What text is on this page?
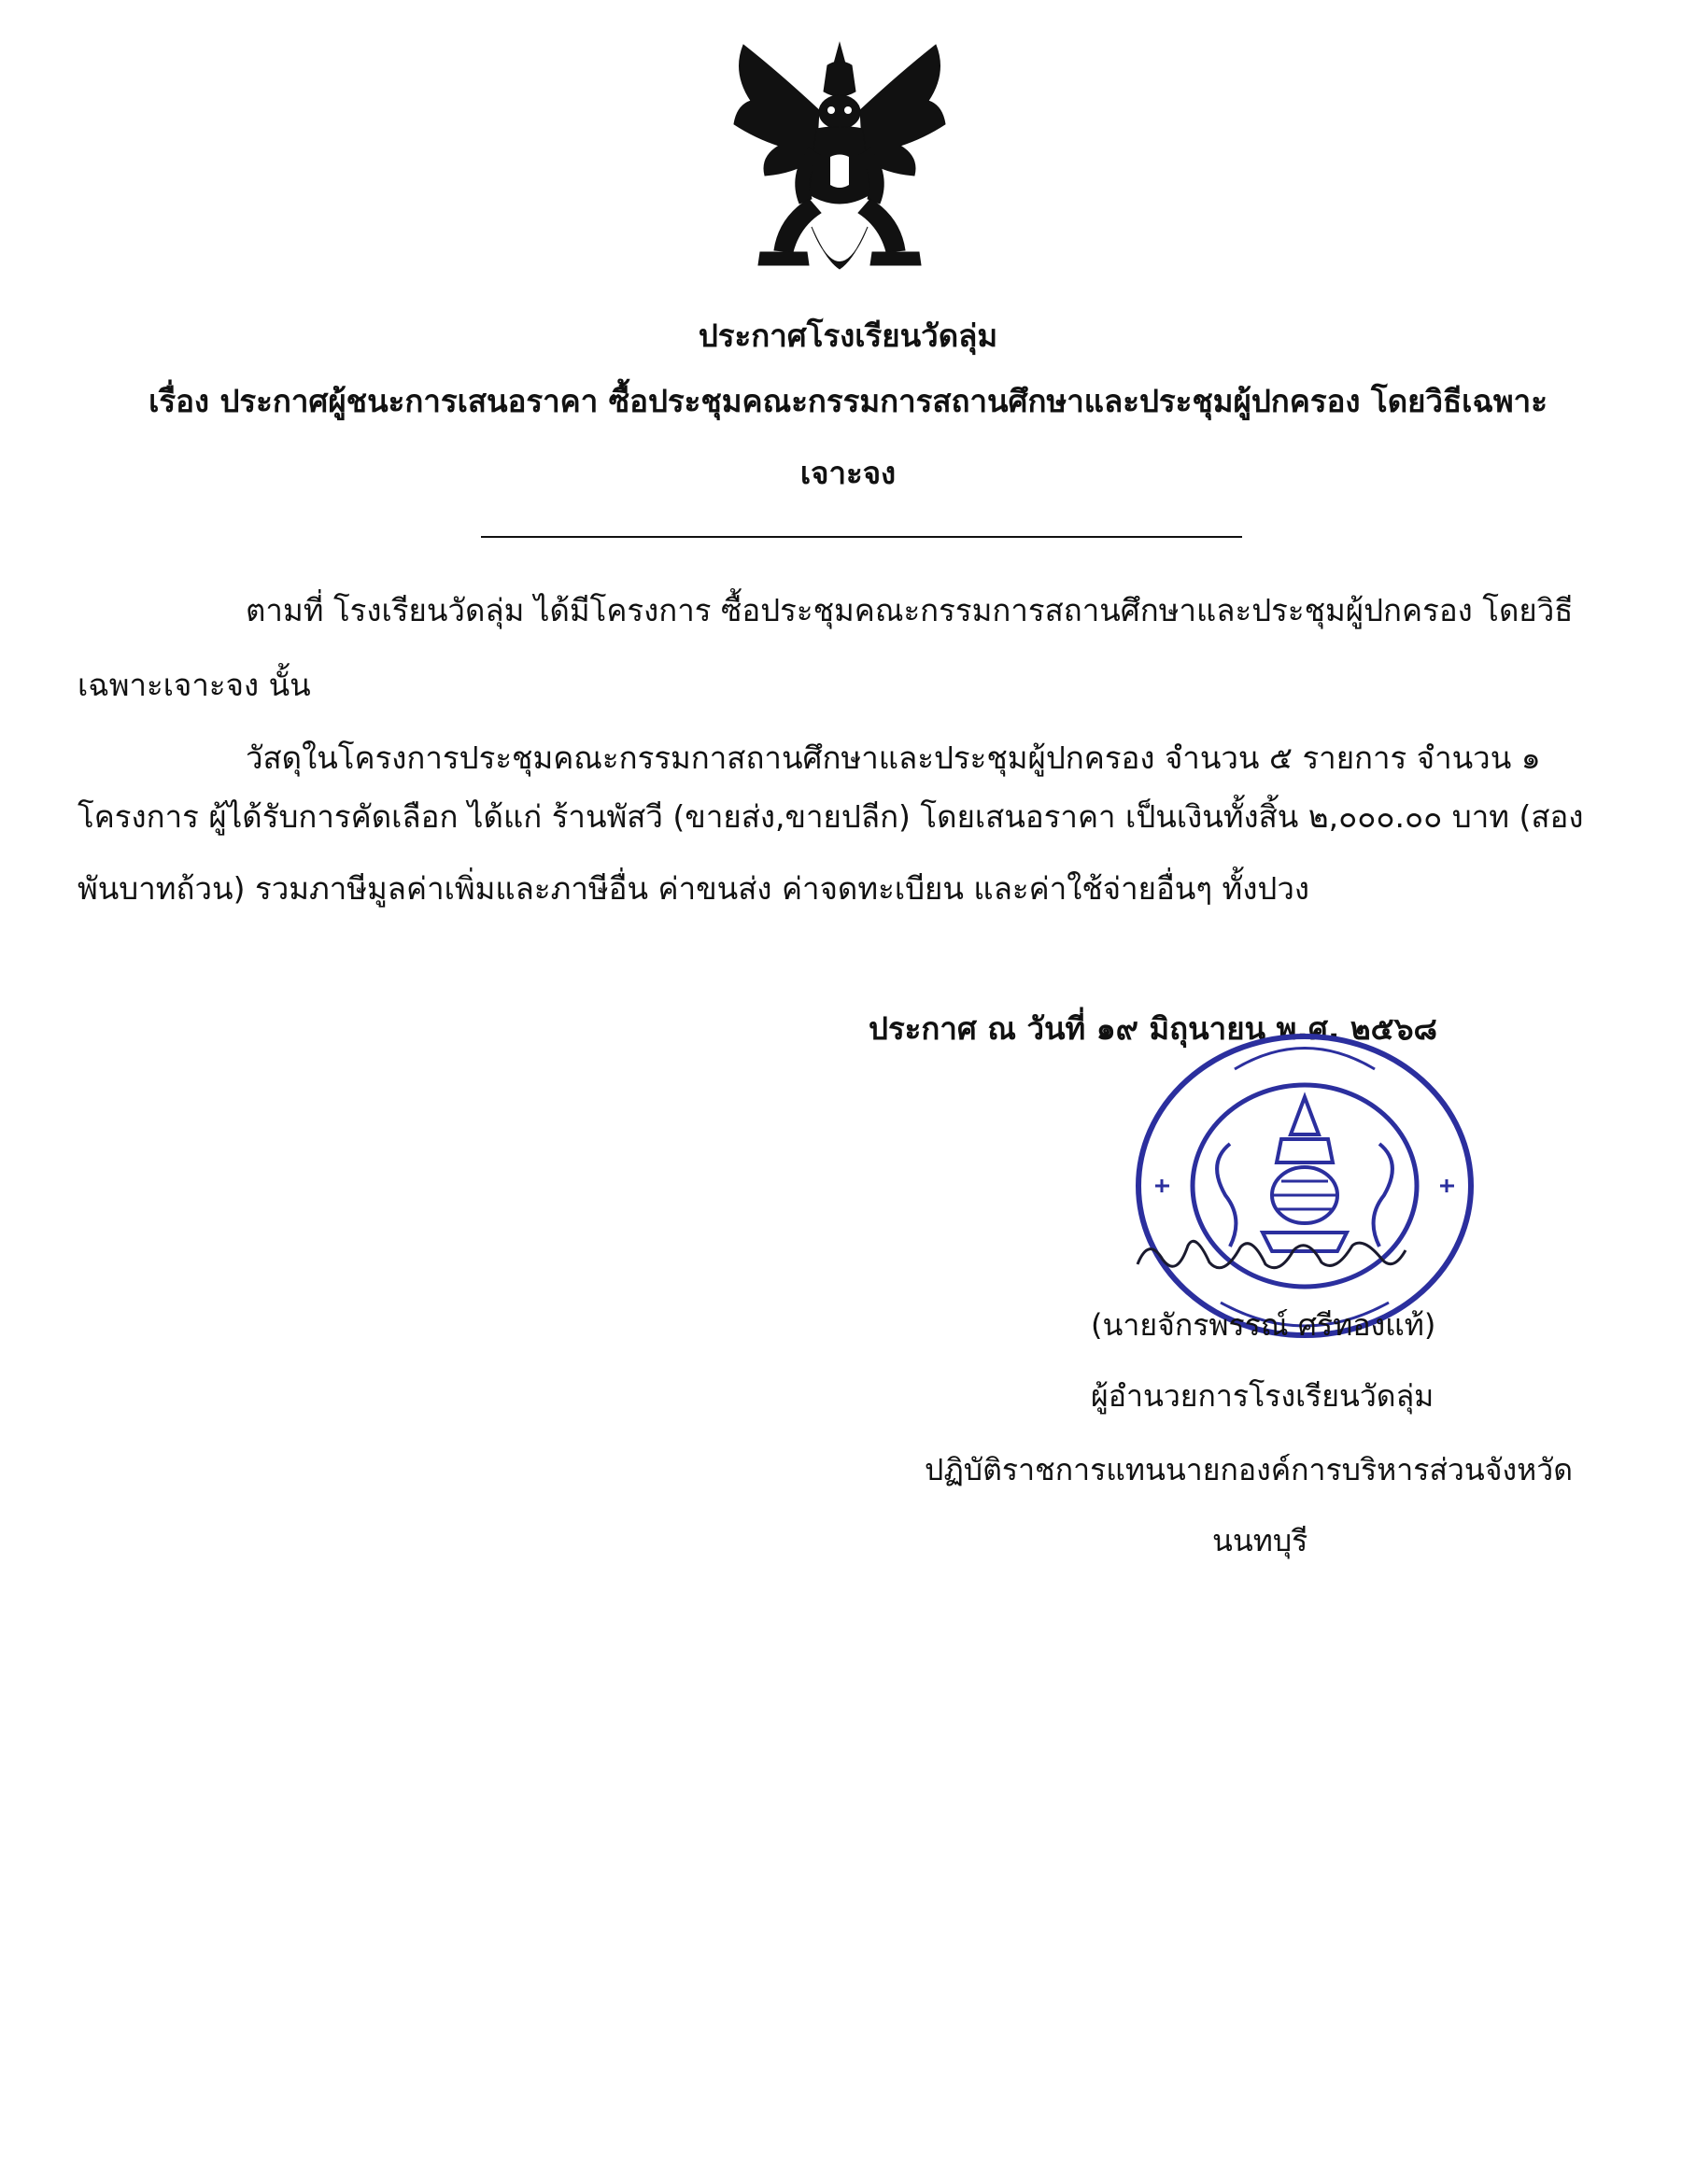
ประกาศโรงเรียนวัดลุ่ม
เรื่อง ประกาศผู้ชนะการเสนอราคา ซื้อประชุมคณะกรรมการสถานศึกษาและประชุมผู้ปกครอง โดยวิธีเฉพาะ
เจาะจง
ตามที่ โรงเรียนวัดลุ่ม ได้มีโครงการ ซื้อประชุมคณะกรรมการสถานศึกษาและประชุมผู้ปกครอง โดยวิธี
เฉพาะเจาะจง นั้น
วัสดุในโครงการประชุมคณะกรรมกาสถานศึกษาและประชุมผู้ปกครอง จำนวน ๕ รายการ จำนวน ๑
โครงการ ผู้ได้รับการคัดเลือก ได้แก่ ร้านพัสวี (ขายส่ง,ขายปลีก) โดยเสนอราคา เป็นเงินทั้งสิ้น ๒,๐๐๐.๐๐ บาท (สอง
พันบาทถ้วน) รวมภาษีมูลค่าเพิ่มและภาษีอื่น ค่าขนส่ง ค่าจดทะเบียน และค่าใช้จ่ายอื่นๆ ทั้งปวง
ประกาศ ณ วันที่ ๑๙ มิถุนายน พ.ศ. ๒๕๖๘
(นายจักรพรรณ์ ศรีทองแท้)
ผู้อำนวยการโรงเรียนวัดลุ่ม
ปฏิบัติราชการแทนนายกองค์การบริหารส่วนจังหวัด
นนทบุรี
